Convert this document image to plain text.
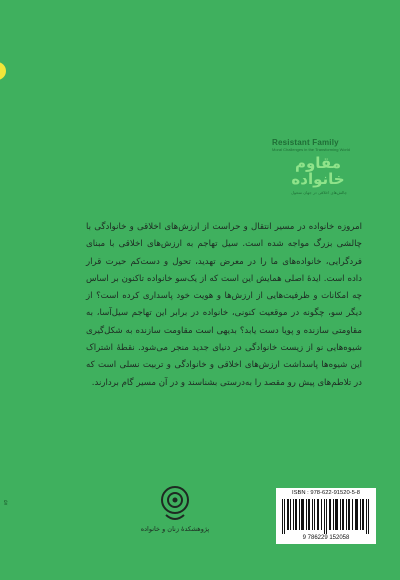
۵۷
Resistant Family
Moral Challenges in the Transforming World
مقاوم
خانواده
چالش‌های اخلاقی در جهان متحول

امروزه خانواده در مسیر انتقال و حراست از ارزش‌های اخلاقی و خانوادگی با چالشی بزرگ مواجه شده است. سیل تهاجم به ارزش‌های اخلاقی با مبنای فردگرایی، خانواده‌های ما را در معرض تهدید، تحول و دست‌کم حیرت قرار داده است. ایدهٔ اصلی همایش این است که از یک‌سو خانواده تاکنون بر اساس چه امکانات و ظرفیت‌هایی از ارزش‌ها و هویت خود پاسداری کرده است؟ از دیگر سو، چگونه در موقعیت کنونی، خانواده در برابر این تهاجم سیل‌آسا، به مقاومتی سازنده و پویا دست یابد؟ بدیهی است مقاومت سازنده به شکل‌گیری شیوه‌هایی نو از زیست خانوادگی در دنیای جدید منجر می‌شود. نقطهٔ اشتراک این شیوه‌ها پاسداشت ارزش‌های اخلاقی و خانوادگی و تربیت نسلی است که در تلاطم‌های پیش رو مقصد را به‌درستی بشناسند و در آن مسیر گام بردارند.

پژوهشکدهٔ زنان و خانواده
ISBN : 978-622-91520-5-8
9 786229 152058
